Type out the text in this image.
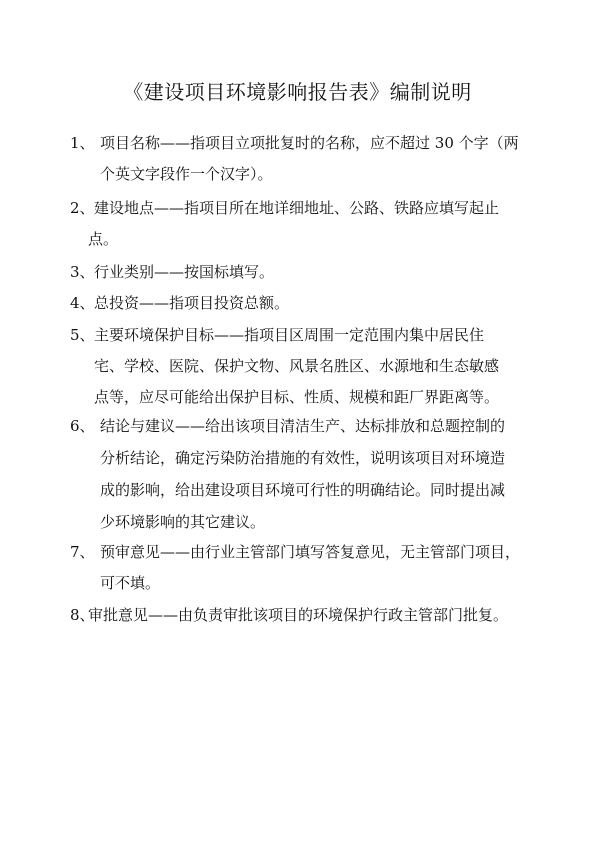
《建设项目环境影响报告表》编制说明
1、 项目名称——指项目立项批复时的名称，应不超过 30 个字（两
个英文字段作一个汉字）。
2、 建设地点——指项目所在地详细地址、公路、铁路应填写起止
点。
3、 行业类别——按国标填写。
4、 总投资——指项目投资总额。
5、 主要环境保护目标——指项目区周围一定范围内集中居民住
宅、学校、医院、保护文物、风景名胜区、水源地和生态敏感
点等，应尽可能给出保护目标、性质、规模和距厂界距离等。
6、 结论与建议——给出该项目清洁生产、达标排放和总题控制的
分析结论，确定污染防治措施的有效性，说明该项目对环境造
成的影响，给出建设项目环境可行性的明确结论。同时提出减
少环境影响的其它建议。
7、 预审意见——由行业主管部门填写答复意见，无主管部门项目，
可不填。
8、
审批意见——由负责审批该项目的环境保护行政主管部门批复。
